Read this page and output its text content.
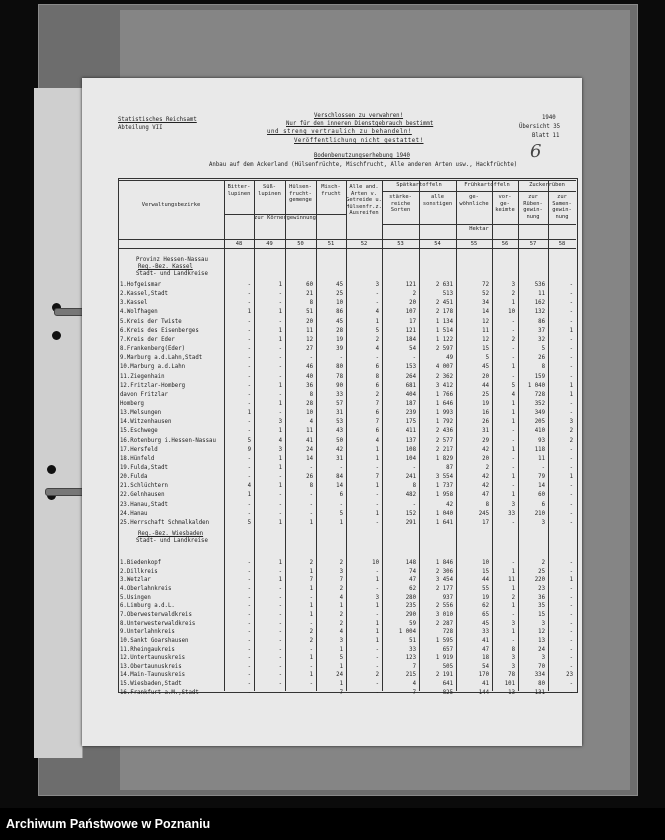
Statistisches Reichsamt
Abteilung VII
Verschlossen zu verwahren!
Nur für den inneren Dienstgebrauch bestimmt
und streng vertraulich zu behandeln!
Veröffentlichung nicht gestattet!
1940
Übersicht 35
Blatt 11
6
Bodenbenutzungserhebung 1940
Anbau auf dem Ackerland (Hülsenfrüchte, Mischfrucht, Alle anderen Arten usw., Hackfrüchte)
Verwaltungsbezirke
Spätkartoffeln	Frühkartoffeln	Zuckerrüben
zur Körnergewinnung
Hektar
Bitter-
lupinen
Süß-
lupinen
Hülsen-
frucht-
gemenge
Misch-
frucht
Alle and.
Arten v.
Getreide u.
Hülsenfr.z.
Ausreifen
stärke-
reiche
Sorten
alle
sonstigen
ge-
wöhnliche
vor-
ge-
keimte
zur
Rüben-
gewin-
nung
zur
Samen-
gewin-
nung
48	49	50	51	52	53	54	55	56	57	58
Provinz Hessen-Nassau
Reg.-Bez. Kassel
Stadt- und Landkreise
Reg.-Bez. Wiesbaden
Stadt- und Landkreise
1.Hofgeismar	-	1	60	45	3	121	2 631	72	3	536	-
2.Kassel,Stadt	-	-	21	25	-	2	513	52	2	11	-
3.Kassel	-	-	8	10	-	20	2 451	34	1	162	-
4.Wolfhagen	1	1	51	86	4	107	2 178	14	10	132	-
5.Kreis der Twiste	-	-	20	45	1	17	1 134	12	-	86	-
6.Kreis des Eisenberges	-	1	11	28	5	121	1 514	11	-	37	1
7.Kreis der Eder	-	1	12	19	2	184	1 122	12	2	32	-
8.Frankenberg(Eder)	-	-	27	39	4	54	2 597	15	-	5	-
9.Marburg a.d.Lahn,Stadt	-	-	-	-	-	-	49	5	-	26	-
10.Marburg a.d.Lahn	-	-	46	80	6	153	4 007	45	1	8	-
11.Ziegenhain	-	-	40	78	8	264	2 362	20	-	159	-
12.Fritzlar-Homberg	-	1	36	90	6	681	3 412	44	5	1 040	1
davon Fritzlar	-	-	8	33	2	404	1 766	25	4	728	1
Homberg	-	1	28	57	7	187	1 646	19	1	352	-
13.Melsungen	1	-	10	31	6	239	1 993	16	1	349	-
14.Witzenhausen	-	3	4	53	7	175	1 792	26	1	205	3
15.Eschwege	-	1	11	43	6	411	2 436	31	-	410	2
16.Rotenburg i.Hessen-Nassau	5	4	41	50	4	137	2 577	29	-	93	2
17.Hersfeld	9	3	24	42	1	108	2 217	42	1	118	-
18.Hünfeld	-	1	14	31	1	104	1 829	20	-	11	-
19.Fulda,Stadt	-	1	-	-	-	-	87	2	-	-	-
20.Fulda	-	-	26	84	7	241	3 554	42	1	79	1
21.Schlüchtern	4	1	8	14	1	8	1 737	42	-	14	-
22.Gelnhausen	1	-	-	6	-	482	1 958	47	1	60	-
23.Hanau,Stadt	-	-	-	-	-	-	42	8	3	6	-
24.Hanau	-	-	-	5	1	152	1 040	245	33	210	-
25.Herrschaft Schmalkalden	5	1	1	1	-	291	1 641	17	-	3	-
1.Biedenkopf	-	1	2	2	10	148	1 846	10	-	2	-
2.Dillkreis	-	-	1	3	-	74	2 306	15	1	25	-
3.Wetzlar	-	1	7	7	1	47	3 454	44	11	220	1
4.Oberlahnkreis	-	-	1	2	-	62	2 177	55	1	23	-
5.Usingen	-	-	-	4	3	280	937	19	2	36	-
6.Limburg a.d.L.	-	-	1	1	1	235	2 556	62	1	35	-
7.Oberwesterwaldkreis	-	-	1	2	-	290	3 010	65	-	15	-
8.Unterwesterwaldkreis	-	-	-	2	1	59	2 287	45	3	3	-
9.Unterlahnkreis	-	-	2	4	1	1 004	728	33	1	12	-
10.Sankt Goarshausen	-	-	2	3	1	51	1 595	41	-	13	-
11.Rheingaukreis	-	-	-	1	-	33	657	47	8	24	-
12.Untertaunuskreis	-	-	1	5	-	123	1 919	18	3	3	-
13.Obertaunuskreis	-	-	-	1	-	7	505	54	3	70	-
14.Main-Taunuskreis	-	-	1	24	2	215	2 191	170	78	334	23
15.Wiesbaden,Stadt	-	-	-	1	-	4	641	41	101	80	-
16.Frankfurt a.M.,Stadt	-	-	-	7	-	7	825	144	13	131	-
Archiwum Państwowe w Poznaniu
